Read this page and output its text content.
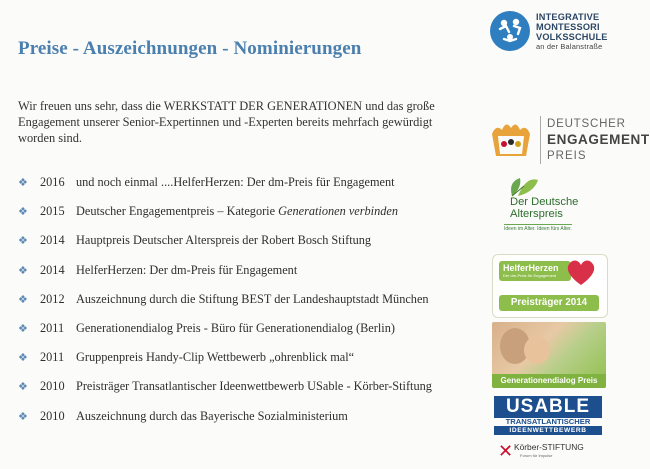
INTEGRATIVE
MONTESSORI
VOLKSSCHULE
an der Balanstraße
Preise - Auszeichnungen - Nominierungen

Wir freuen uns sehr, dass die WERKSTATT DER GENERATIONEN und das große Engagement unserer Senior-Expertinnen und -Experten bereits mehrfach gewürdigt worden sind.

❖ 2016 und noch einmal ....HelferHerzen: Der dm-Preis für Engagement
❖ 2015 Deutscher Engagementpreis – Kategorie Generationen verbinden
❖ 2014 Hauptpreis Deutscher Alterspreis der Robert Bosch Stiftung
❖ 2014 HelferHerzen: Der dm-Preis für Engagement
❖ 2012 Auszeichnung durch die Stiftung BEST der Landeshauptstadt München
❖ 2011 Generationendialog Preis - Büro für Generationendialog (Berlin)
❖ 2011 Gruppenpreis Handy-Clip Wettbewerb „ohrenblick mal“
❖ 2010 Preisträger Transatlantischer Ideenwettbewerb USable - Körber-Stiftung
❖ 2010 Auszeichnung durch das Bayerische Sozialministerium
DEUTSCHER
ENGAGEMENT
PREIS
Der Deutsche
Alterspreis
Ideen im Alter. Ideen fürs Alter.
HelferHerzen
Der dm-Preis für Engagement
Preisträger 2014
Generationendialog Preis
USABLE
TRANSATLANTISCHER
IDEENWETTBEWERB
✕ Körber-STIFTUNG
Forum für Impulse
